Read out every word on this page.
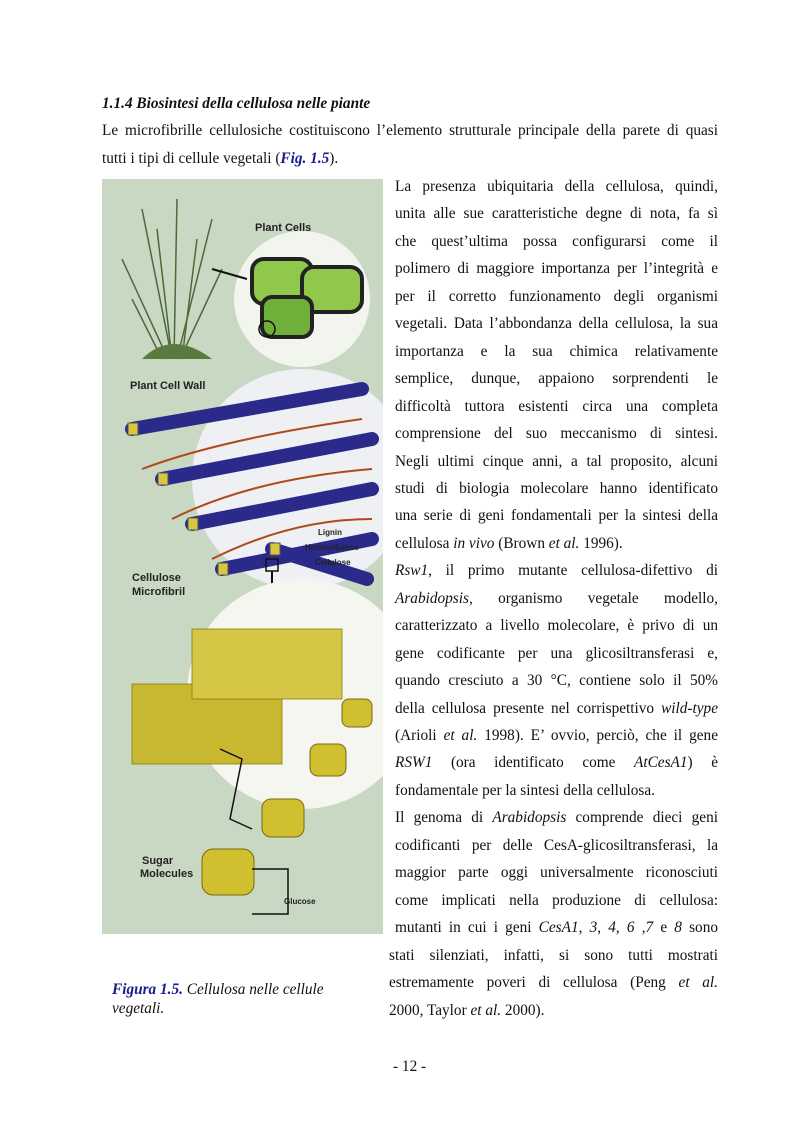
1.1.4 Biosintesi della cellulosa nelle piante
Le microfibrille cellulosiche costituiscono l’elemento strutturale principale della parete di quasi
tutti i tipi di cellule vegetali (Fig. 1.5).
Plant Cells
Plant Cell Wall
Lignin
Hemicellulose
Cellulose
Cellulose
Microfibril
Sugar
Molecules
Glucose
Figura 1.5. Cellulosa nelle cellule vegetali.
La presenza ubiquitaria della cellulosa, quindi,
unita alle sue caratteristiche degne di nota, fa sì
che quest’ultima possa configurarsi come il
polimero di maggiore importanza per l’integrità e
per il corretto funzionamento degli organismi
vegetali. Data l’abbondanza della cellulosa, la sua
importanza e la sua chimica relativamente
semplice, dunque, appaiono sorprendenti le
difficoltà tuttora esistenti circa una completa
comprensione del suo meccanismo di sintesi.
Negli ultimi cinque anni, a tal proposito, alcuni
studi di biologia molecolare hanno identificato
una serie di geni fondamentali per la sintesi della
cellulosa in vivo (Brown et al. 1996).
Rsw1, il primo mutante cellulosa-difettivo di
Arabidopsis, organismo vegetale modello,
caratterizzato a livello molecolare, è privo di un
gene codificante per una glicosiltransferasi e,
quando cresciuto a 30 °C, contiene solo il 50%
della cellulosa presente nel corrispettivo wild-type
(Arioli et al. 1998). E’ ovvio, perciò, che il gene
RSW1 (ora identificato come AtCesA1) è
fondamentale per la sintesi della cellulosa.
Il genoma di Arabidopsis comprende dieci geni
codificanti per delle CesA-glicosiltransferasi, la
maggior parte oggi universalmente riconosciuti
come implicati nella produzione di cellulosa:
mutanti in cui i geni CesA1, 3, 4, 6 ,7 e 8 sono
stati silenziati, infatti, si sono tutti mostrati
estremamente poveri di cellulosa (Peng et al.
2000, Taylor et al. 2000).
- 12 -
